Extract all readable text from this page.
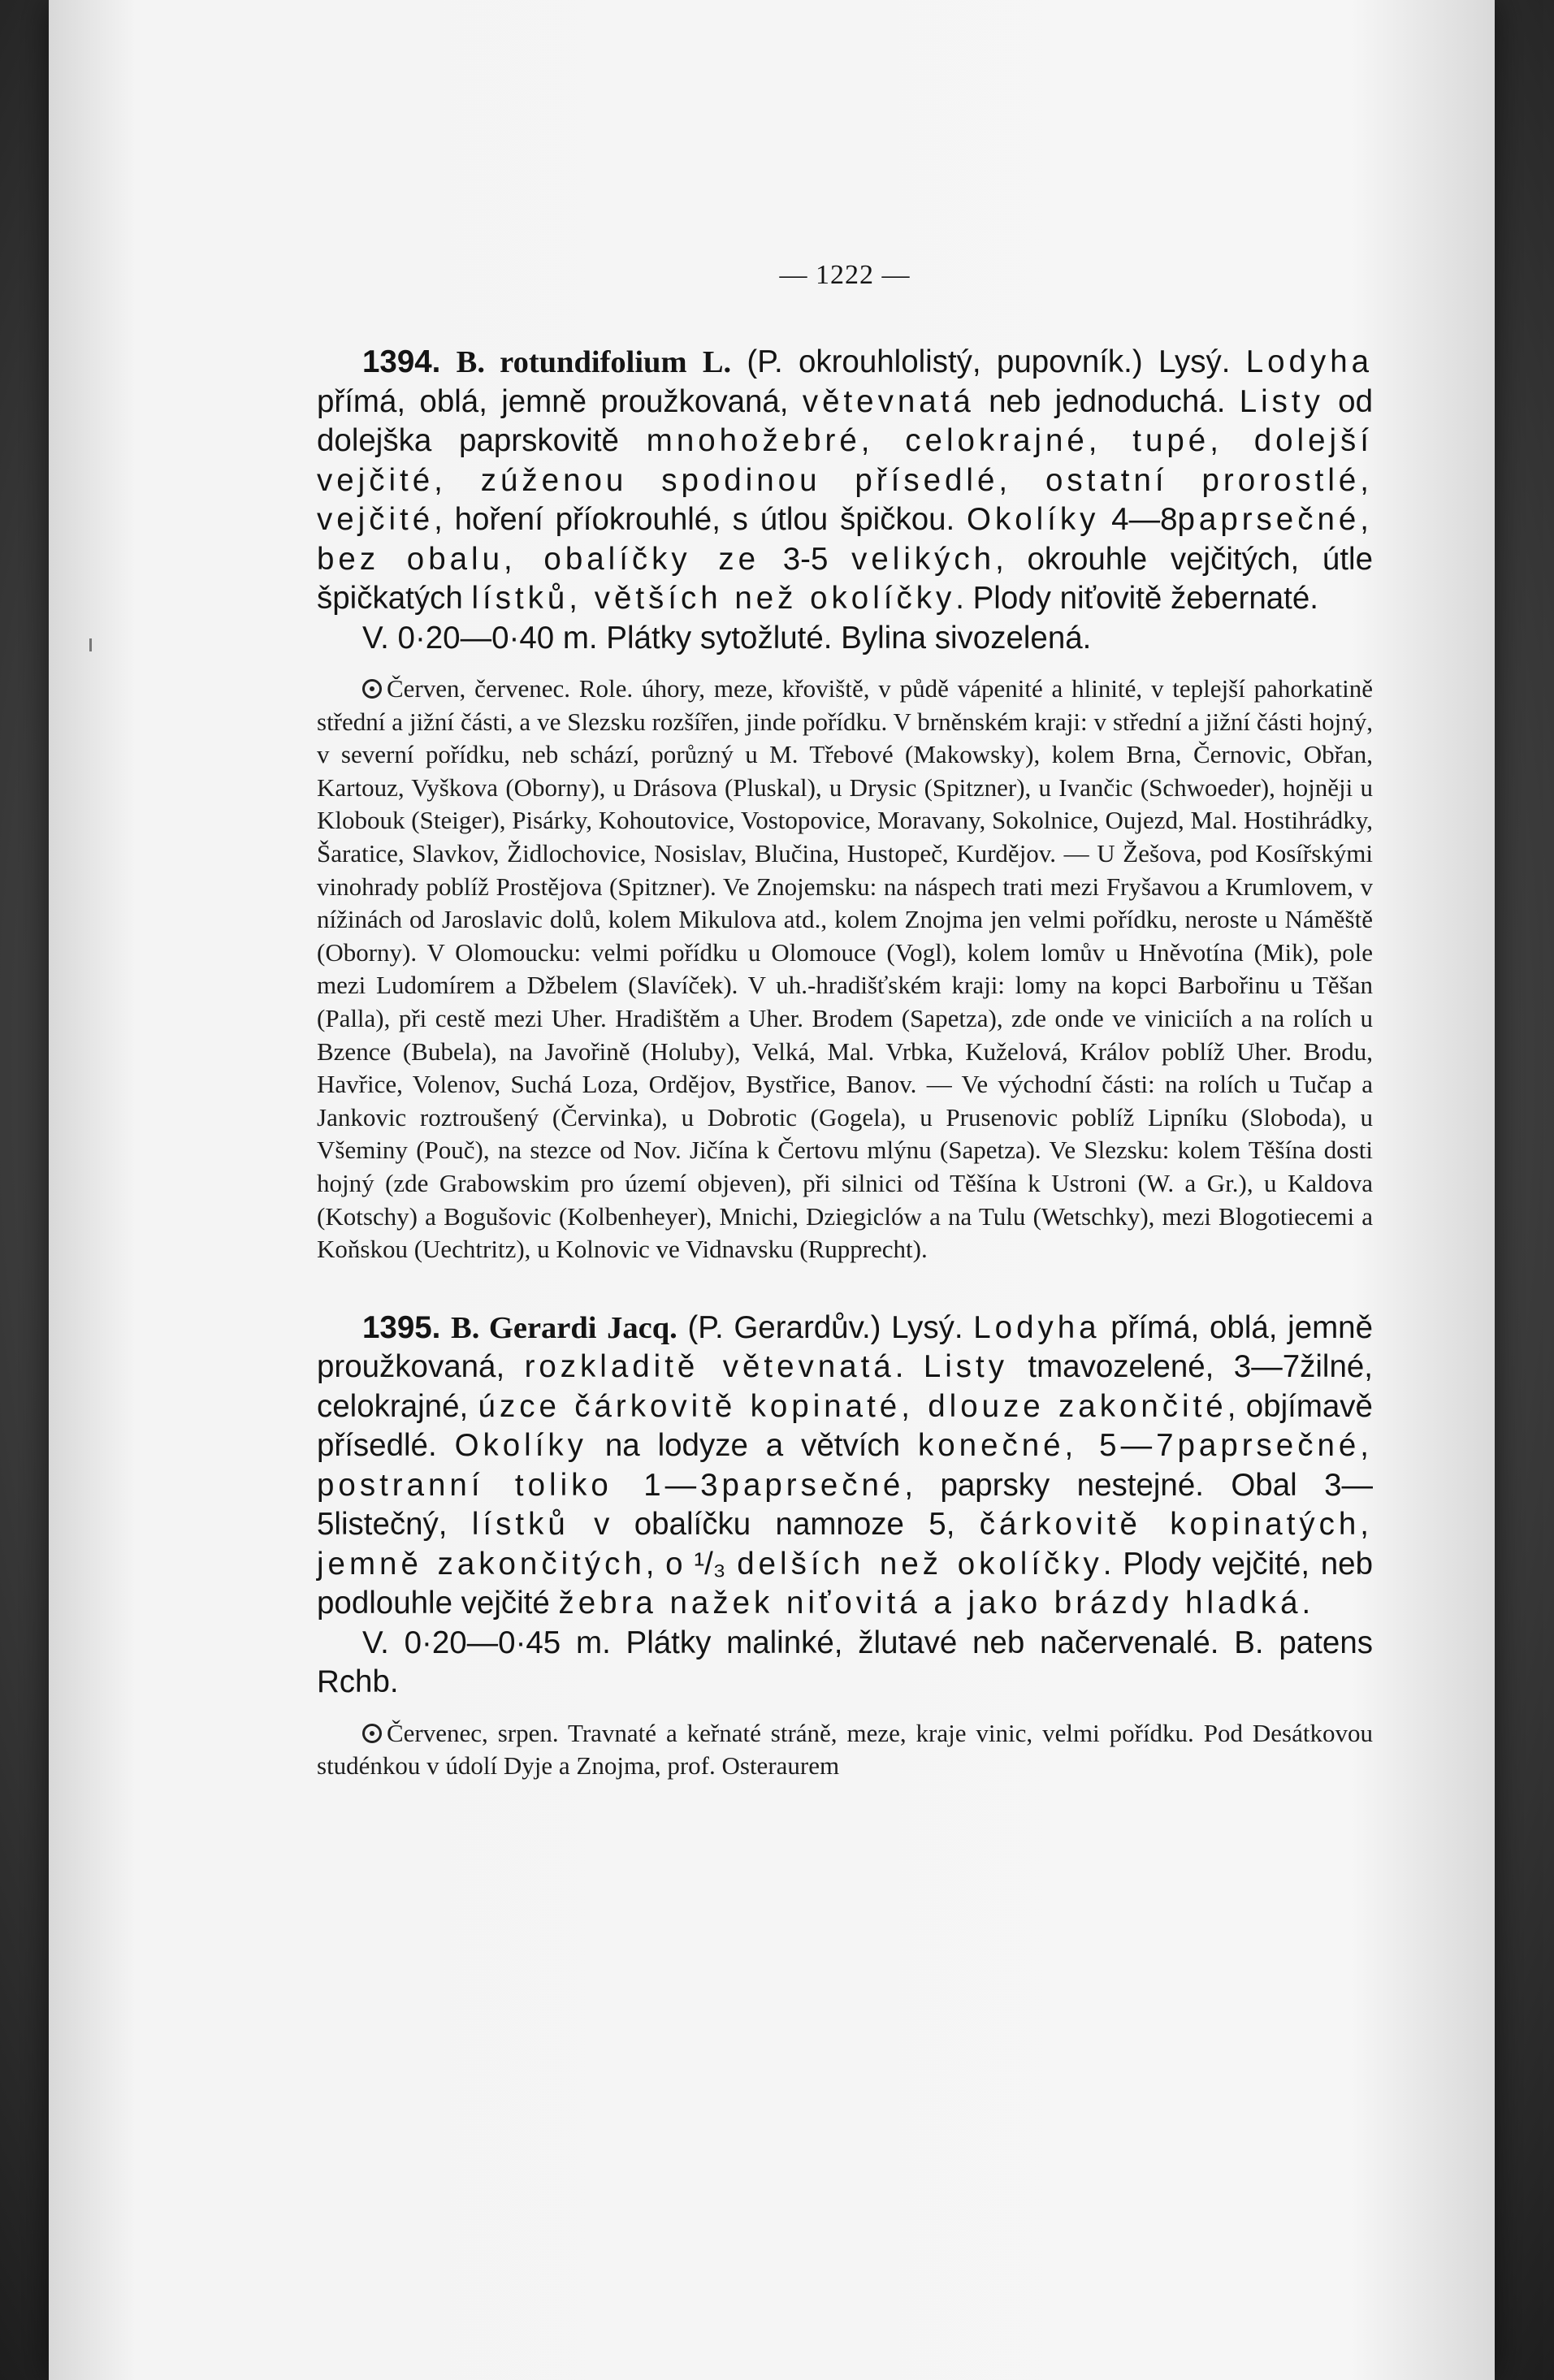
— 1222 —

1394. B. rotundifolium L. (P. okrouhlolistý, pupovník.) Lysý. Lodyha přímá, oblá, jemně proužkovaná, větevnatá neb jednoduchá. Listy od dolejška paprskovitě mnohožebré, celokrajné, tupé, dolejší vejčité, zúženou spodinou přísedlé, ostatní prorostlé, vejčité, hoření příokrouhlé, s útlou špičkou. Okolíky 4—8paprsečné, bez obalu, obalíčky ze 3-5 velikých, okrouhle vejčitých, útle špičkatých lístků, větších než okolíčky. Plody niťovitě žebernaté.

V. 0·20—0·40 m. Plátky sytožluté. Bylina sivozelená.

Červen, červenec. Role. úhory, meze, křoviště, v půdě vápenité a hlinité, v teplejší pahorkatině střední a jižní části, a ve Slezsku rozšířen, jinde pořídku. V brněnském kraji: v střední a jižní části hojný, v severní pořídku, neb schází, porůzný u M. Třebové (Makowsky), kolem Brna, Černovic, Obřan, Kartouz, Vyškova (Oborny), u Drásova (Pluskal), u Drysic (Spitzner), u Ivančic (Schwoeder), hojněji u Klobouk (Steiger), Pisárky, Kohoutovice, Vostopovice, Moravany, Sokolnice, Oujezd, Mal. Hostihrádky, Šaratice, Slavkov, Židlochovice, Nosislav, Blučina, Hustopeč, Kurdějov. — U Žešova, pod Kosířskými vinohrady poblíž Prostějova (Spitzner). Ve Znojemsku: na náspech trati mezi Fryšavou a Krumlovem, v nížinách od Jaroslavic dolů, kolem Mikulova atd., kolem Znojma jen velmi pořídku, neroste u Náměště (Oborny). V Olomoucku: velmi pořídku u Olomouce (Vogl), kolem lomův u Hněvotína (Mik), pole mezi Ludomírem a Džbelem (Slavíček). V uh.-hradišťském kraji: lomy na kopci Barbořinu u Těšan (Palla), při cestě mezi Uher. Hradištěm a Uher. Brodem (Sapetza), zde onde ve viniciích a na rolích u Bzence (Bubela), na Javořině (Holuby), Velká, Mal. Vrbka, Kuželová, Králov poblíž Uher. Brodu, Havřice, Volenov, Suchá Loza, Ordějov, Bystřice, Banov. — Ve východní části: na rolích u Tučap a Jankovic roztroušený (Červinka), u Dobrotic (Gogela), u Prusenovic poblíž Lipníku (Sloboda), u Všeminy (Pouč), na stezce od Nov. Jičína k Čertovu mlýnu (Sapetza). Ve Slezsku: kolem Těšína dosti hojný (zde Grabowskim pro území objeven), při silnici od Těšína k Ustroni (W. a Gr.), u Kaldova (Kotschy) a Bogušovic (Kolbenheyer), Mnichi, Dziegiclów a na Tulu (Wetschky), mezi Blogotiecemi a Koňskou (Uechtritz), u Kolnovic ve Vidnavsku (Rupprecht).

1395. B. Gerardi Jacq. (P. Gerardův.) Lysý. Lodyha přímá, oblá, jemně proužkovaná, rozkladitě větevnatá. Listy tmavozelené, 3—7žilné, celokrajné, úzce čárkovitě kopinaté, dlouze zakončité, objímavě přísedlé. Okolíky na lodyze a větvích konečné, 5—7paprsečné, postranní toliko 1—3paprsečné, paprsky nestejné. Obal 3—5listečný, lístků v obalíčku namnoze 5, čárkovitě kopinatých, jemně zakončitých, o ¹/₃ delších než okolíčky. Plody vejčité, neb podlouhle vejčité žebra nažek niťovitá a jako brázdy hladká.

V. 0·20—0·45 m. Plátky malinké, žlutavé neb načervenalé. B. patens Rchb.

Červenec, srpen. Travnaté a keřnaté stráně, meze, kraje vinic, velmi pořídku. Pod Desátkovou studénkou v údolí Dyje a Znojma, prof. Osteraurem
